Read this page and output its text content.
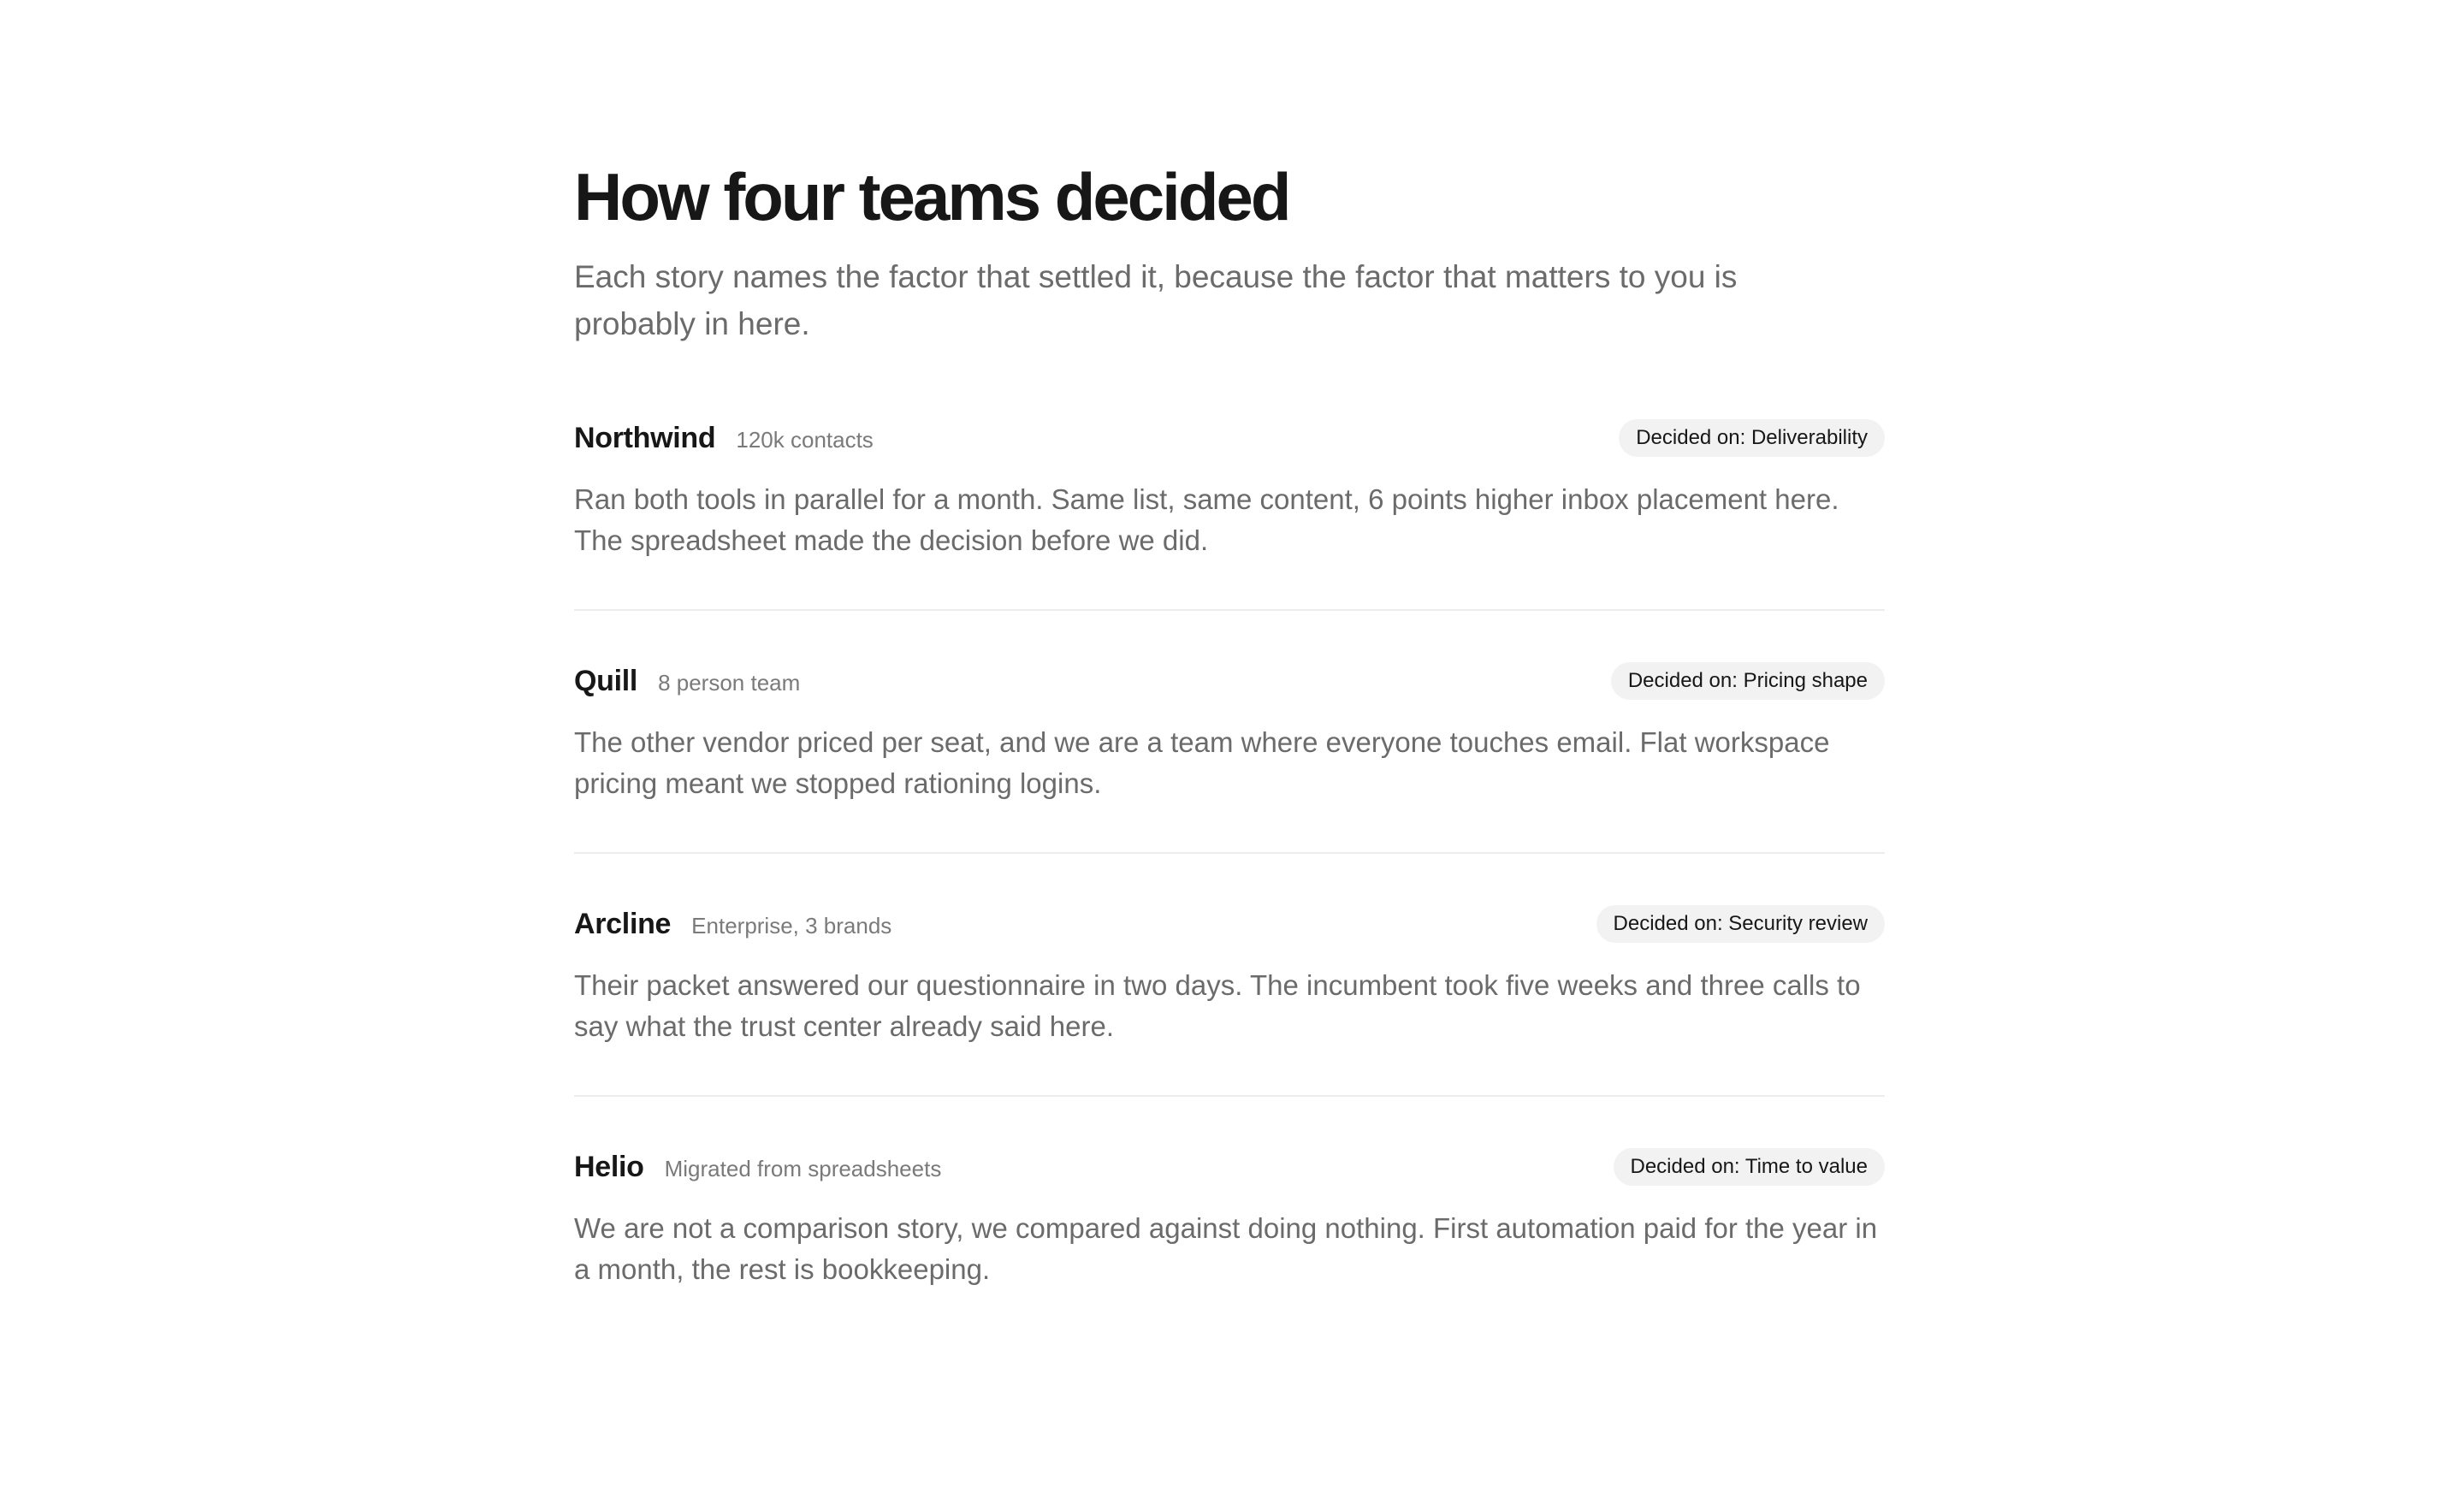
How four teams decided

Each story names the factor that settled it, because the factor that matters to you is probably in here.

Northwind 120k contacts	Decided on: Deliverability

Ran both tools in parallel for a month. Same list, same content, 6 points higher inbox placement here. The spreadsheet made the decision before we did.

Quill 8 person team	Decided on: Pricing shape

The other vendor priced per seat, and we are a team where everyone touches email. Flat workspace pricing meant we stopped rationing logins.

Arcline Enterprise, 3 brands	Decided on: Security review

Their packet answered our questionnaire in two days. The incumbent took five weeks and three calls to say what the trust center already said here.

Helio Migrated from spreadsheets	Decided on: Time to value

We are not a comparison story, we compared against doing nothing. First automation paid for the year in a month, the rest is bookkeeping.
